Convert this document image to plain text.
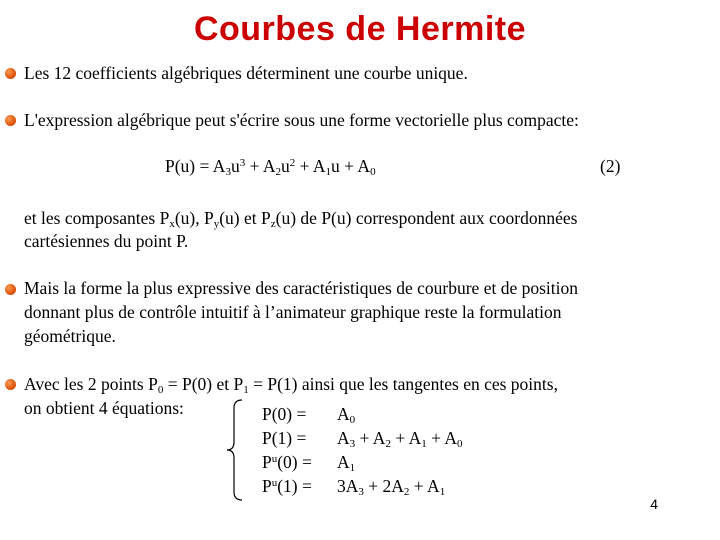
Courbes de Hermite
Les 12 coefficients algébriques déterminent une courbe unique.
L'expression algébrique peut s'écrire sous une forme vectorielle plus compacte:
$P(u) = A_3u^3 + A_2u^2 + A_1u + A_0$	(2)
et les composantes $P_x(u)$, $P_y(u)$ et $P_z(u)$ de P(u) correspondent aux coordonnées
cartésiennes du point P.
Mais la forme la plus expressive des caractéristiques de courbure et de position
donnant plus de contrôle intuitif à l’animateur graphique reste la formulation
géométrique.
Avec les 2 points $P_0 = P(0)$ et $P_1 = P(1)$ ainsi que les tangentes en ces points,
on obtient 4 équations:	$P(0) = A_0$
$P(1) = A_3 + A_2 + A_1 + A_0$
$P^u(0) = A_1$
$P^u(1) = 3A_3 + 2A_2 + A_1$
4
